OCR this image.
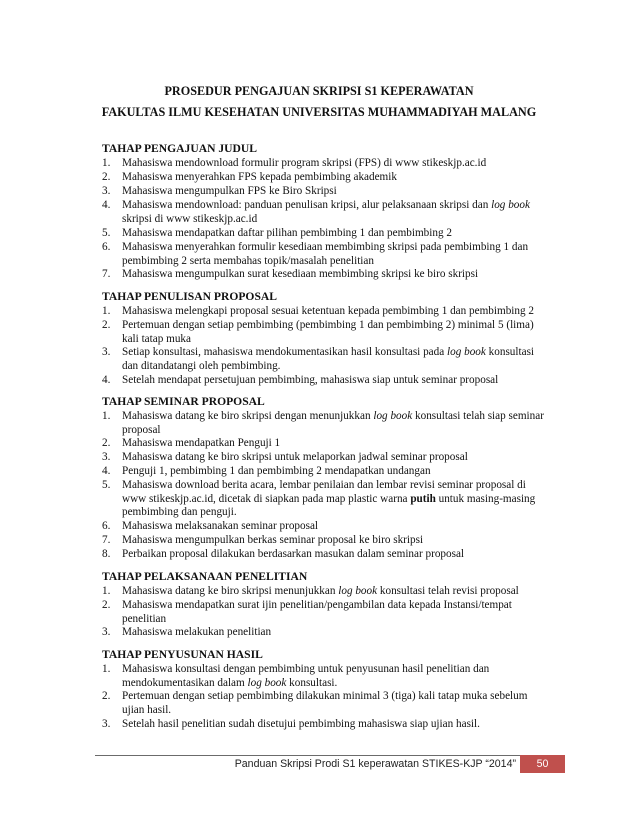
PROSEDUR PENGAJUAN SKRIPSI S1 KEPERAWATAN
FAKULTAS ILMU KESEHATAN UNIVERSITAS MUHAMMADIYAH MALANG
TAHAP PENGAJUAN JUDUL
1. Mahasiswa mendownload formulir program skripsi (FPS) di www stikeskjp.ac.id
2. Mahasiswa menyerahkan FPS kepada pembimbing akademik
3. Mahasiswa mengumpulkan FPS ke Biro Skripsi
4. Mahasiswa mendownload: panduan penulisan kripsi, alur pelaksanaan skripsi dan log book
skripsi di www stikeskjp.ac.id
5. Mahasiswa mendapatkan daftar pilihan pembimbing 1 dan pembimbing 2
6. Mahasiswa menyerahkan formulir kesediaan membimbing skripsi pada pembimbing 1 dan
pembimbing 2 serta membahas topik/masalah penelitian
7. Mahasiswa mengumpulkan surat kesediaan membimbing skripsi ke biro skripsi
TAHAP PENULISAN PROPOSAL
1. Mahasiswa melengkapi proposal sesuai ketentuan kepada pembimbing 1 dan pembimbing 2
2. Pertemuan dengan setiap pembimbing (pembimbing 1 dan pembimbing 2) minimal 5 (lima)
kali tatap muka
3. Setiap konsultasi, mahasiswa mendokumentasikan hasil konsultasi pada log book konsultasi
dan ditandatangi oleh pembimbing.
4. Setelah mendapat persetujuan pembimbing, mahasiswa siap untuk seminar proposal
TAHAP SEMINAR PROPOSAL
1. Mahasiswa datang ke biro skripsi dengan menunjukkan log book konsultasi telah siap seminar
proposal
2. Mahasiswa mendapatkan Penguji 1
3. Mahasiswa datang ke biro skripsi untuk melaporkan jadwal seminar proposal
4. Penguji 1, pembimbing 1 dan pembimbing 2 mendapatkan undangan
5. Mahasiswa download berita acara, lembar penilaian dan lembar revisi seminar proposal di
www stikeskjp.ac.id, dicetak di siapkan pada map plastic warna putih untuk masing-masing
pembimbing dan penguji.
6. Mahasiswa melaksanakan seminar proposal
7. Mahasiswa mengumpulkan berkas seminar proposal ke biro skripsi
8. Perbaikan proposal dilakukan berdasarkan masukan dalam seminar proposal
TAHAP PELAKSANAAN PENELITIAN
1. Mahasiswa datang ke biro skripsi menunjukkan log book konsultasi telah revisi proposal
2. Mahasiswa mendapatkan surat ijin penelitian/pengambilan data kepada Instansi/tempat
penelitian
3. Mahasiswa melakukan penelitian
TAHAP PENYUSUNAN HASIL
1. Mahasiswa konsultasi dengan pembimbing untuk penyusunan hasil penelitian dan
mendokumentasikan dalam log book konsultasi.
2. Pertemuan dengan setiap pembimbing dilakukan minimal 3 (tiga) kali tatap muka sebelum
ujian hasil.
3. Setelah hasil penelitian sudah disetujui pembimbing mahasiswa siap ujian hasil.
Panduan Skripsi Prodi S1 keperawatan STIKES-KJP “2014”	50
